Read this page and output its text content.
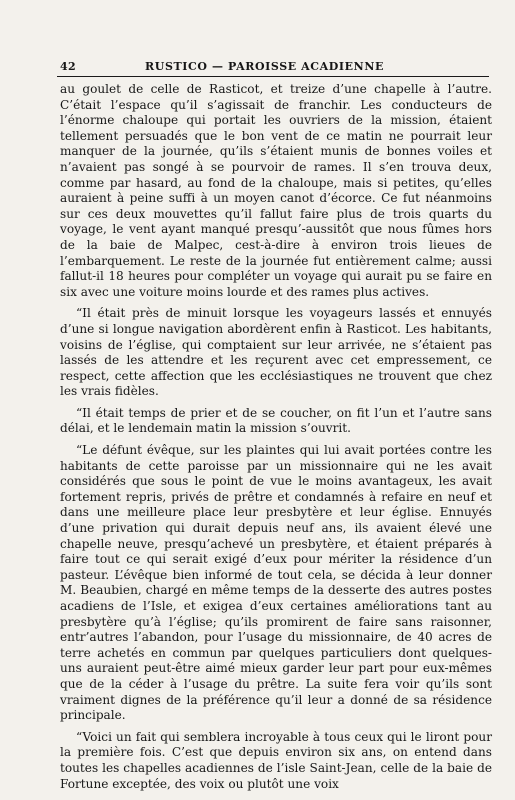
42	RUSTICO — PAROISSE ACADIENNE

au goulet de celle de Rasticot, et treize d’une chapelle à l’autre. C’était l’espace qu’il s’agissait de franchir. Les conducteurs de l’énorme chaloupe qui portait les ouvriers de la mission, étaient tellement persuadés que le bon vent de ce matin ne pourrait leur manquer de la journée, qu’ils s’étaient munis de bonnes voiles et n’avaient pas songé à se pourvoir de rames. Il s’en trouva deux, comme par hasard, au fond de la chaloupe, mais si petites, qu’elles auraient à peine suffi à un moyen canot d’écorce. Ce fut néanmoins sur ces deux mouvettes qu’il fallut faire plus de trois quarts du voyage, le vent ayant manqué presqu’-aussitôt que nous fûmes hors de la baie de Malpec, cest-à-dire à environ trois lieues de l’embarquement. Le reste de la journée fut entièrement calme; aussi fallut-il 18 heures pour compléter un voyage qui aurait pu se faire en six avec une voiture moins lourde et des rames plus actives.

“Il était près de minuit lorsque les voyageurs lassés et ennuyés d’une si longue navigation abordèrent enfin à Rasticot. Les habitants, voisins de l’église, qui comptaient sur leur arrivée, ne s’étaient pas lassés de les attendre et les reçurent avec cet empressement, ce respect, cette affection que les ecclésiastiques ne trouvent que chez les vrais fidèles.

“Il était temps de prier et de se coucher, on fit l’un et l’autre sans délai, et le lendemain matin la mission s’ouvrit.

“Le défunt évêque, sur les plaintes qui lui avait portées contre les habitants de cette paroisse par un missionnaire qui ne les avait considérés que sous le point de vue le moins avantageux, les avait fortement repris, privés de prêtre et condamnés à refaire en neuf et dans une meilleure place leur presbytère et leur église. Ennuyés d’une privation qui durait depuis neuf ans, ils avaient élevé une chapelle neuve, presqu’achevé un presbytère, et étaient préparés à faire tout ce qui serait exigé d’eux pour mériter la résidence d’un pasteur. L’évêque bien informé de tout cela, se décida à leur donner M. Beaubien, chargé en même temps de la desserte des autres postes acadiens de l’Isle, et exigea d’eux certaines améliorations tant au presbytère qu’à l’église; qu’ils promirent de faire sans raisonner, entr’autres l’abandon, pour l’usage du missionnaire, de 40 acres de terre achetés en commun par quelques particuliers dont quelques-uns auraient peut-être aimé mieux garder leur part pour eux-mêmes que de la céder à l’usage du prêtre. La suite fera voir qu’ils sont vraiment dignes de la préférence qu’il leur a donné de sa résidence principale.

“Voici un fait qui semblera incroyable à tous ceux qui le liront pour la première fois. C’est que depuis environ six ans, on entend dans toutes les chapelles acadiennes de l’isle Saint-Jean, celle de la baie de Fortune exceptée, des voix ou plutôt une voix
